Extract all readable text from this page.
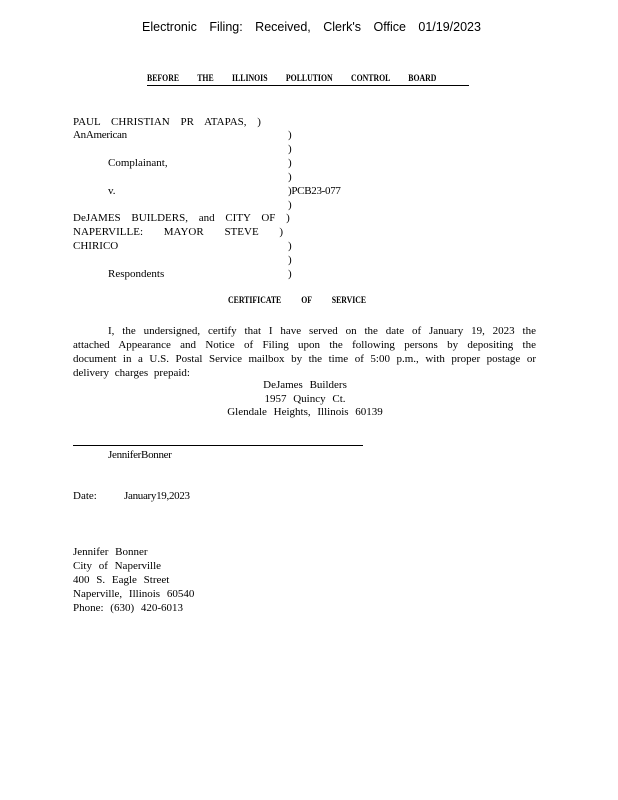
Electronic Filing: Received, Clerk's Office 01/19/2023
BEFORE THE ILLINOIS POLLUTION CONTROL BOARD
PAUL CHRISTIAN PR ATAPAS, )
AnAmerican	)
)
Complainant,	)
)
v.	)PCB23-077
)
DeJAMES BUILDERS, and CITY OF )
NAPERVILLE: MAYOR STEVE )
CHIRICO	)
)
Respondents	)
CERTIFICATE OF SERVICE
I, the undersigned, certify that I have served on the date of January 19, 2023 the attached Appearance and Notice of Filing upon the following persons by depositing the document in a U.S. Postal Service mailbox by the time of 5:00 p.m., with proper postage or delivery charges prepaid:
DeJames Builders
1957 Quincy Ct.
Glendale Heights, Illinois 60139
JenniferBonner
Date: January19,2023
Jennifer Bonner
City of Naperville
400 S. Eagle Street
Naperville, Illinois 60540
Phone: (630) 420-6013
